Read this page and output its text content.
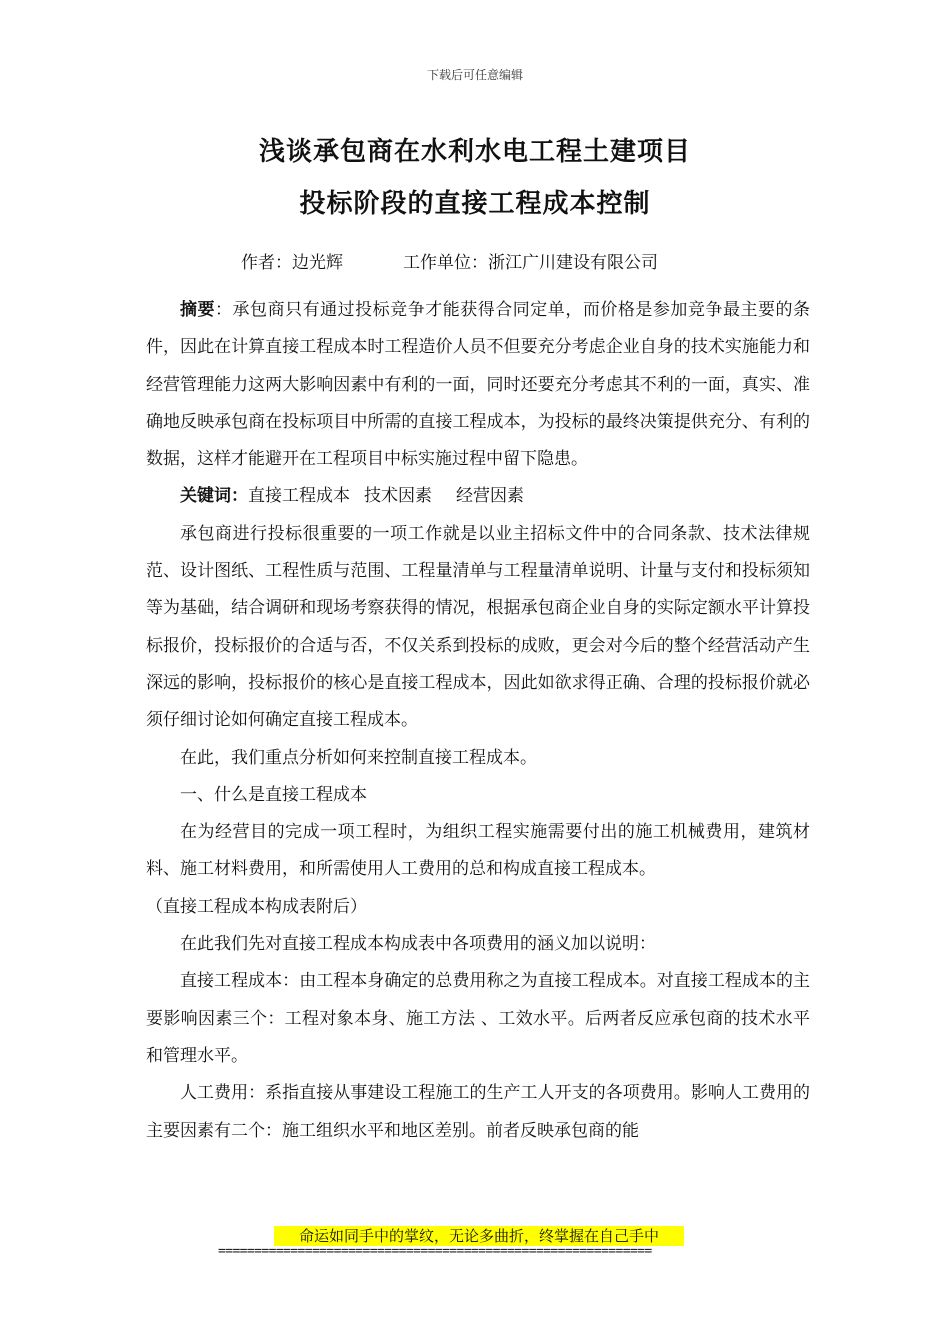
下载后可任意编辑
浅谈承包商在水利水电工程土建项目
投标阶段的直接工程成本控制
作者：边光辉	工作单位：浙江广川建设有限公司

摘要：承包商只有通过投标竞争才能获得合同定单，而价格是参加竞争最主要的条件，因此在计算直接工程成本时工程造价人员不但要充分考虑企业自身的技术实施能力和经营管理能力这两大影响因素中有利的一面，同时还要充分考虑其不利的一面，真实、准确地反映承包商在投标项目中所需的直接工程成本，为投标的最终决策提供充分、有利的数据，这样才能避开在工程项目中标实施过程中留下隐患。

关键词：直接工程成本 技术因素 经营因素

承包商进行投标很重要的一项工作就是以业主招标文件中的合同条款、技术法律规范、设计图纸、工程性质与范围、工程量清单与工程量清单说明、计量与支付和投标须知等为基础，结合调研和现场考察获得的情况，根据承包商企业自身的实际定额水平计算投标报价，投标报价的合适与否，不仅关系到投标的成败，更会对今后的整个经营活动产生深远的影响，投标报价的核心是直接工程成本，因此如欲求得正确、合理的投标报价就必须仔细讨论如何确定直接工程成本。

在此，我们重点分析如何来控制直接工程成本。

一、什么是直接工程成本

在为经营目的完成一项工程时，为组织工程实施需要付出的施工机械费用，建筑材料、施工材料费用，和所需使用人工费用的总和构成直接工程成本。

（直接工程成本构成表附后）

在此我们先对直接工程成本构成表中各项费用的涵义加以说明：

直接工程成本：由工程本身确定的总费用称之为直接工程成本。对直接工程成本的主要影响因素三个：工程对象本身、施工方法 、工效水平。后两者反应承包商的技术水平和管理水平。

人工费用：系指直接从事建设工程施工的生产工人开支的各项费用。影响人工费用的主要因素有二个：施工组织水平和地区差别。前者反映承包商的能

命运如同手中的掌纹，无论多曲折，终掌握在自己手中
============================================================
